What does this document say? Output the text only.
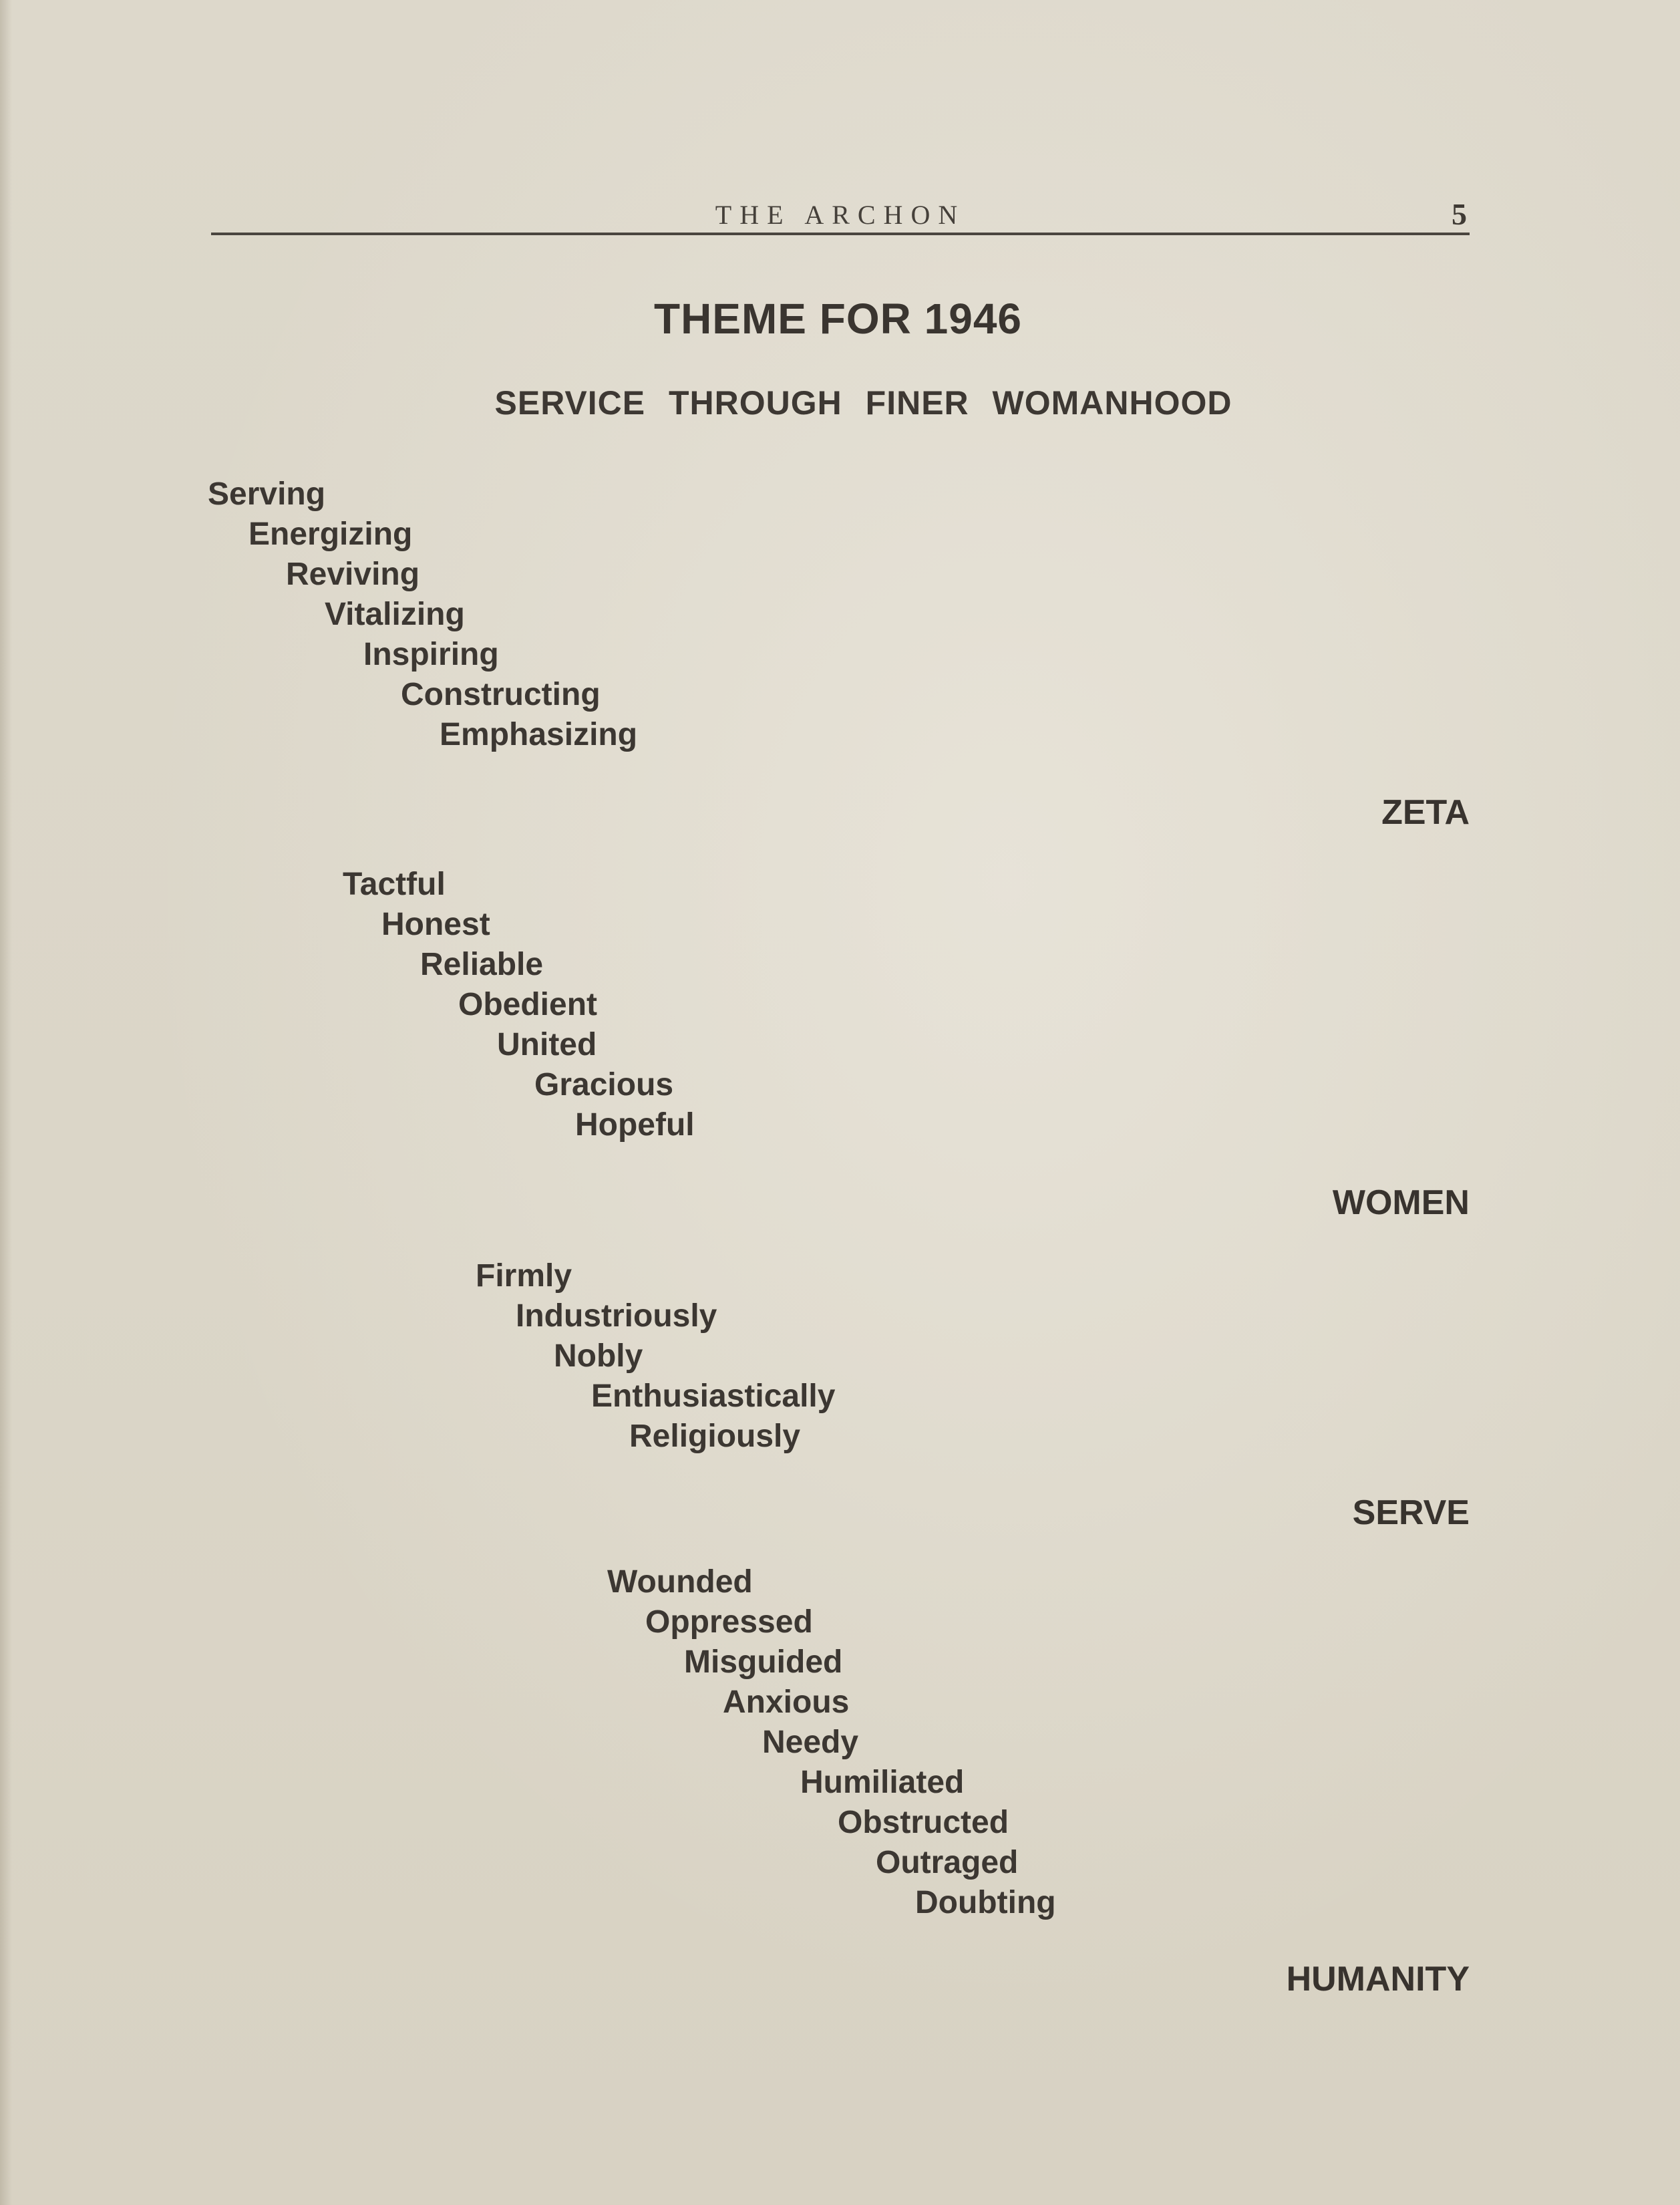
THE ARCHON	5
THEME FOR 1946
SERVICE THROUGH FINER WOMANHOOD
Serving
Energizing
Reviving
Vitalizing
Inspiring
Constructing
Emphasizing
ZETA
Tactful
Honest
Reliable
Obedient
United
Gracious
Hopeful
WOMEN
Firmly
Industriously
Nobly
Enthusiastically
Religiously
SERVE
Wounded
Oppressed
Misguided
Anxious
Needy
Humiliated
Obstructed
Outraged
Doubting
HUMANITY
